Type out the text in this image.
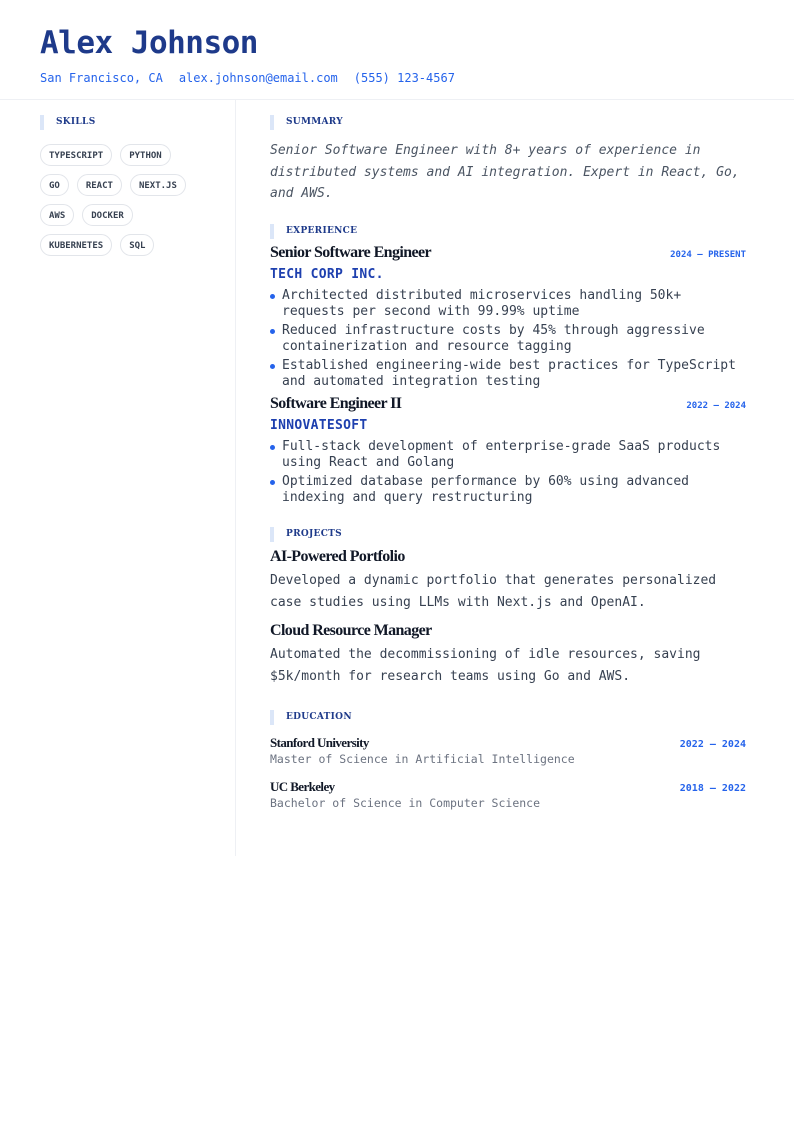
Alex Johnson
San Francisco, CA alex.johnson@email.com (555) 123-4567
SKILLS
TYPESCRIPT	PYTHON
GO	REACT	NEXT.JS
AWS	DOCKER
KUBERNETES	SQL
SUMMARY
Senior Software Engineer with 8+ years of experience in distributed systems and AI integration. Expert in React, Go, and AWS.
EXPERIENCE
Senior Software Engineer	2024 — PRESENT
TECH CORP INC.
Architected distributed microservices handling 50k+ requests per second with 99.99% uptime
Reduced infrastructure costs by 45% through aggressive containerization and resource tagging
Established engineering-wide best practices for TypeScript and automated integration testing
Software Engineer II	2022 — 2024
INNOVATESOFT
Full-stack development of enterprise-grade SaaS products using React and Golang
Optimized database performance by 60% using advanced indexing and query restructuring
PROJECTS
AI-Powered Portfolio
Developed a dynamic portfolio that generates personalized case studies using LLMs with Next.js and OpenAI.
Cloud Resource Manager
Automated the decommissioning of idle resources, saving $5k/month for research teams using Go and AWS.
EDUCATION
Stanford University	2022 — 2024
Master of Science in Artificial Intelligence
UC Berkeley	2018 — 2022
Bachelor of Science in Computer Science
